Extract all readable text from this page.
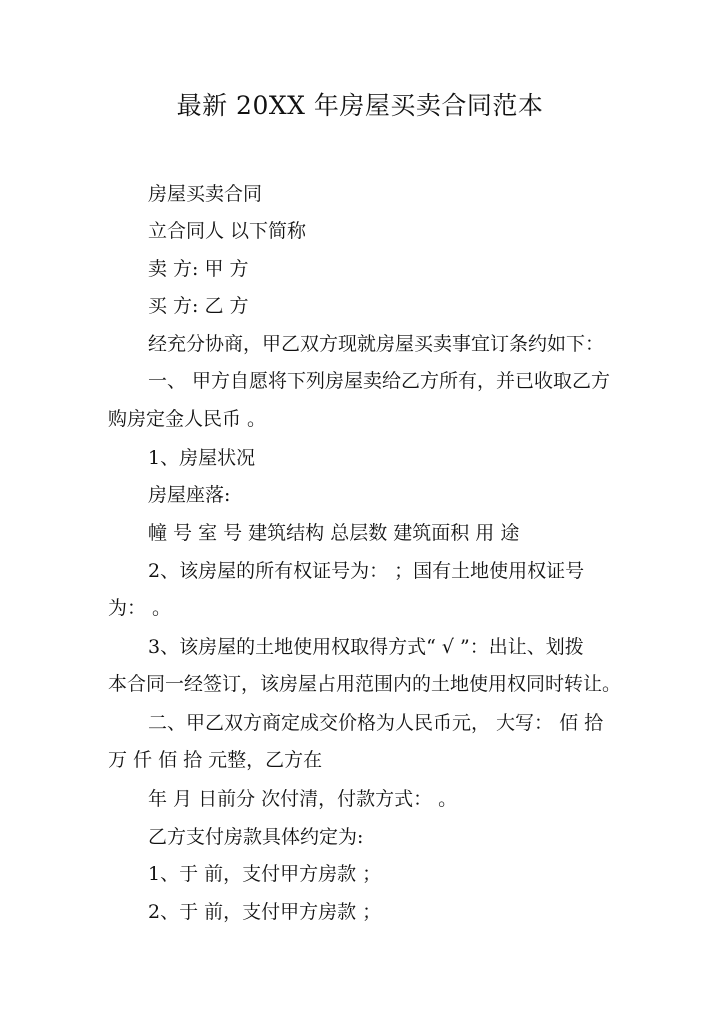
最新 20XX 年房屋买卖合同范本

房屋买卖合同

立合同人 以下简称

卖 方: 甲 方

买 方: 乙 方

经充分协商，甲乙双方现就房屋买卖事宜订条约如下：

一、 甲方自愿将下列房屋卖给乙方所有，并已收取乙方

购房定金人民币 。

1、房屋状况

房屋座落:

幢 号 室 号 建筑结构 总层数 建筑面积 用 途

2、该房屋的所有权证号为： ；国有土地使用权证号

为： 。

3、该房屋的土地使用权取得方式“ √ ”：出让、划拨

本合同一经签订，该房屋占用范围内的土地使用权同时转让。

二、甲乙双方商定成交价格为人民币元， 大写： 佰 拾

万 仟 佰 拾 元整，乙方在

年 月 日前分 次付清，付款方式： 。

乙方支付房款具体约定为:

1、于 前，支付甲方房款 ；

2、于 前，支付甲方房款 ；
